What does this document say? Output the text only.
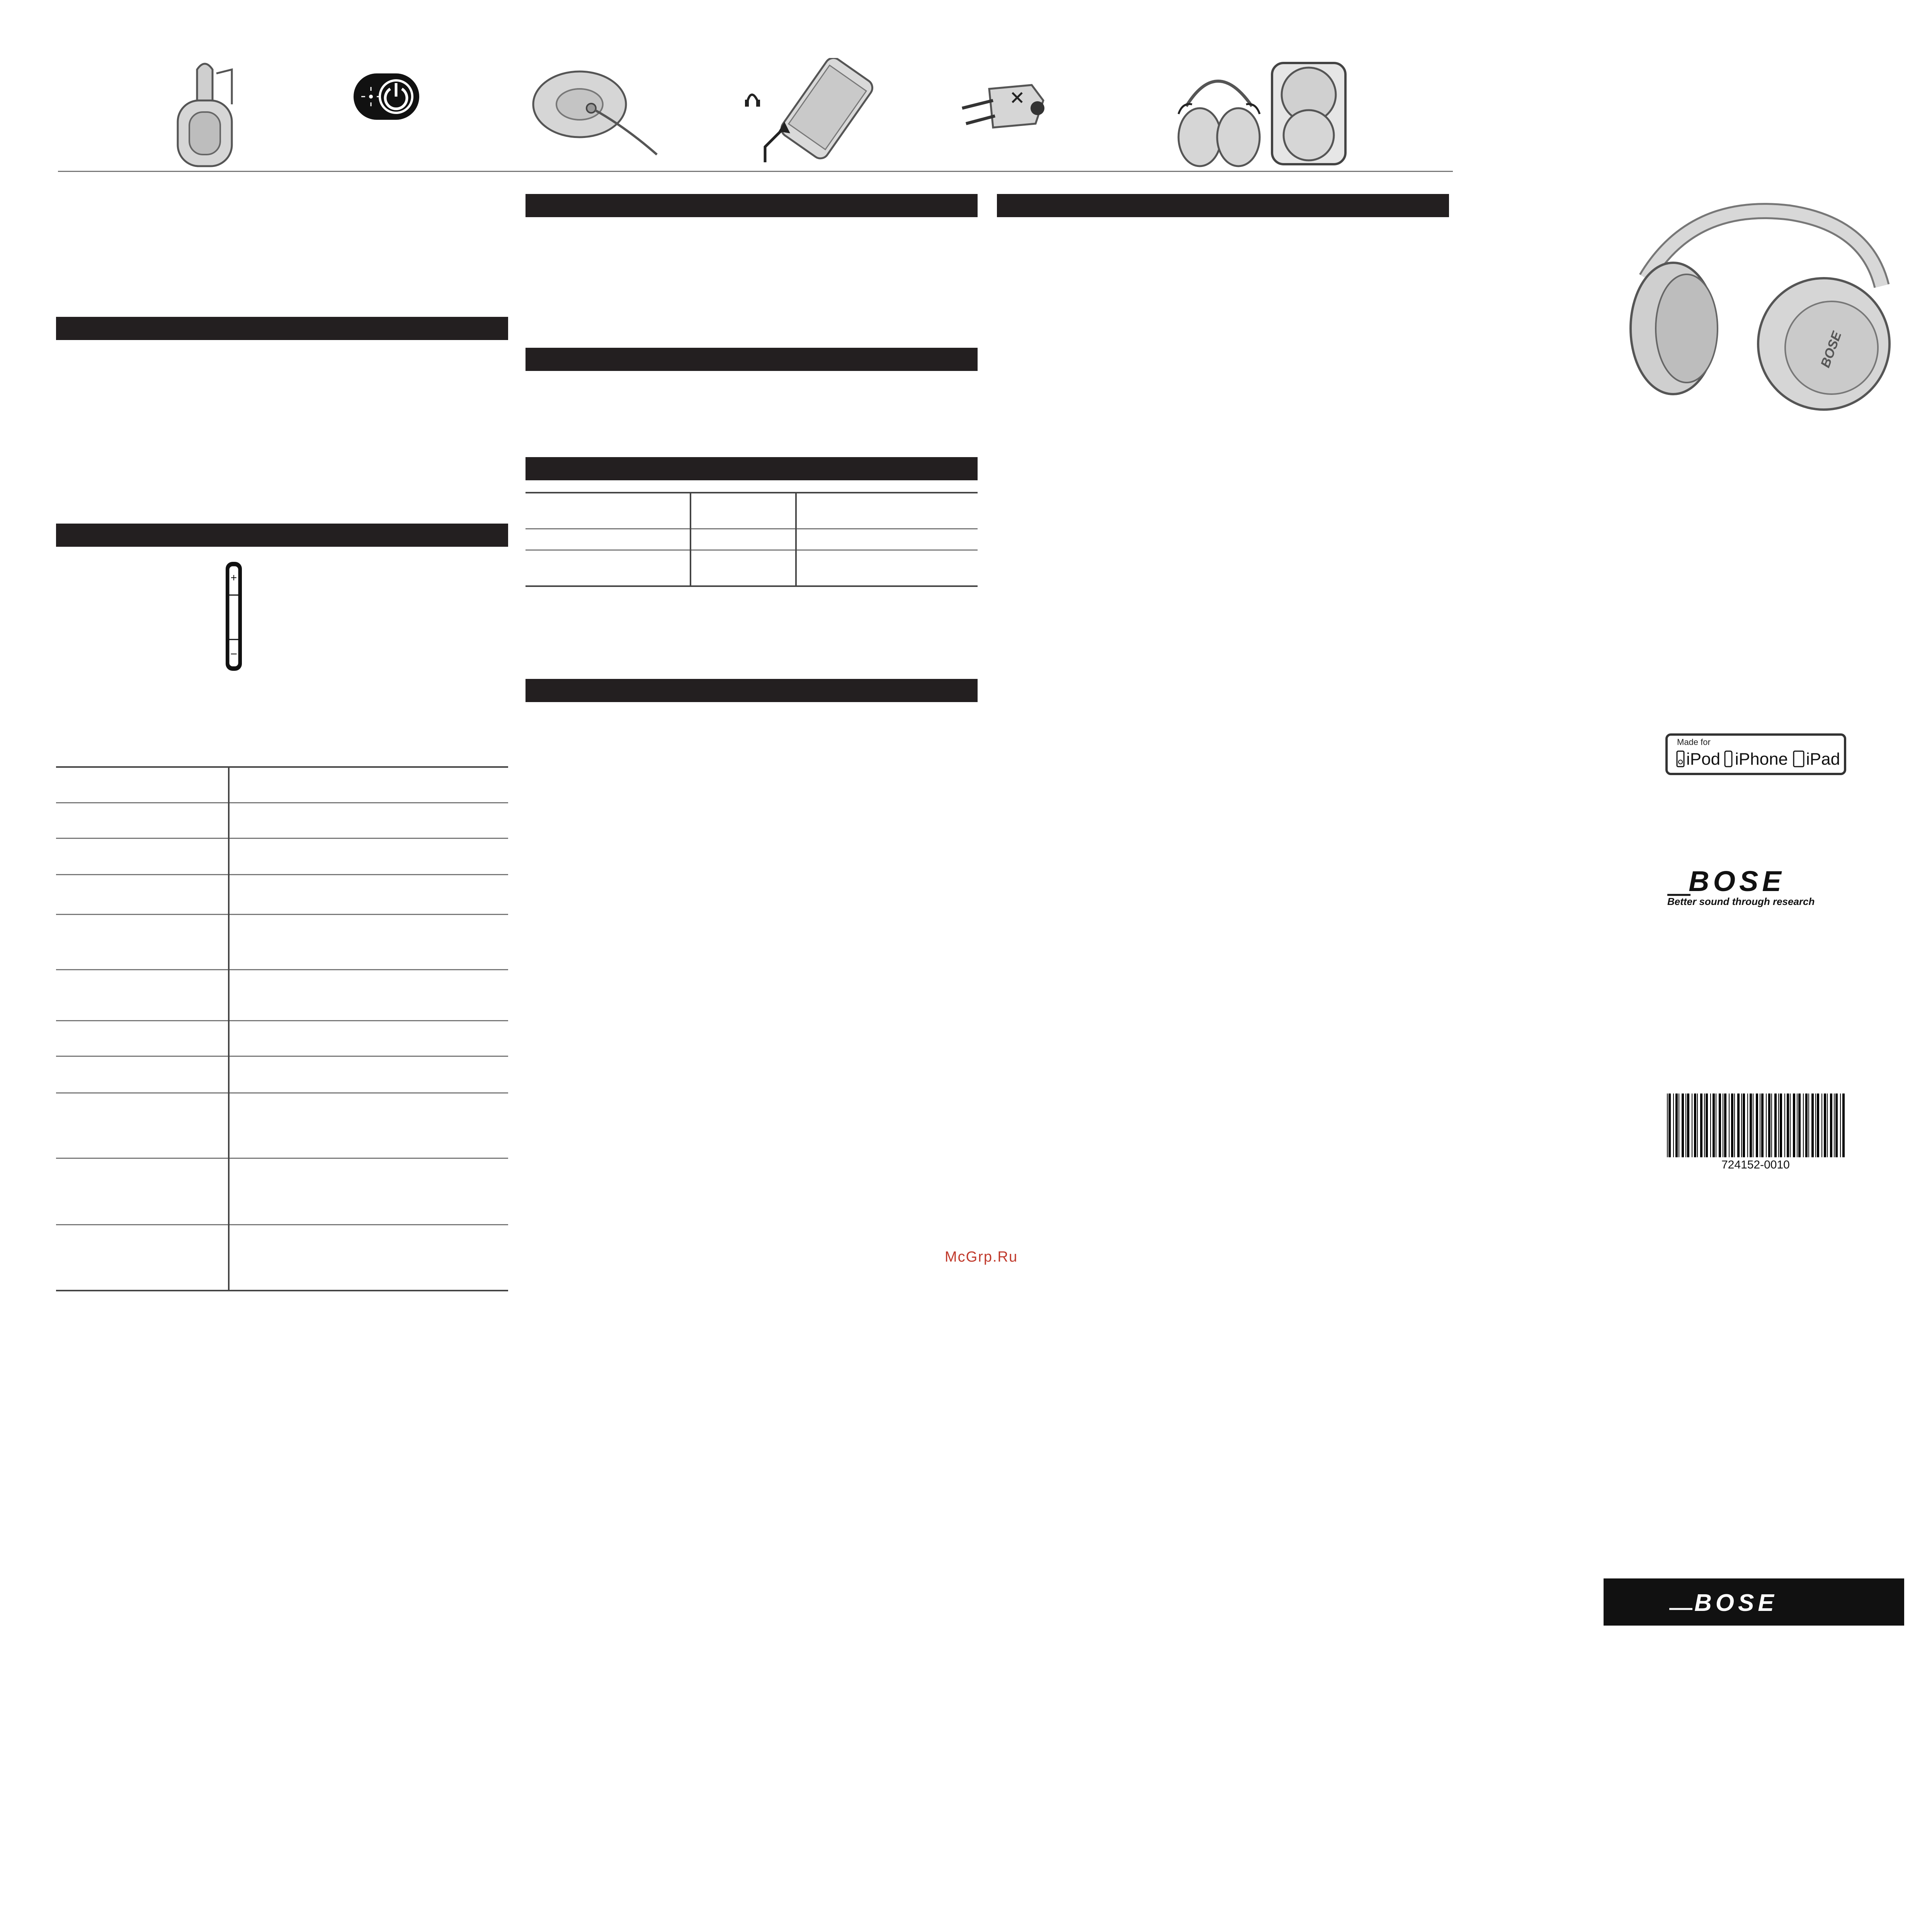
+
−
McGrp.Ru
BOSE
Made for
iPod iPhone iPad
BOSE
Better sound through research
724152-0010
BOSE
